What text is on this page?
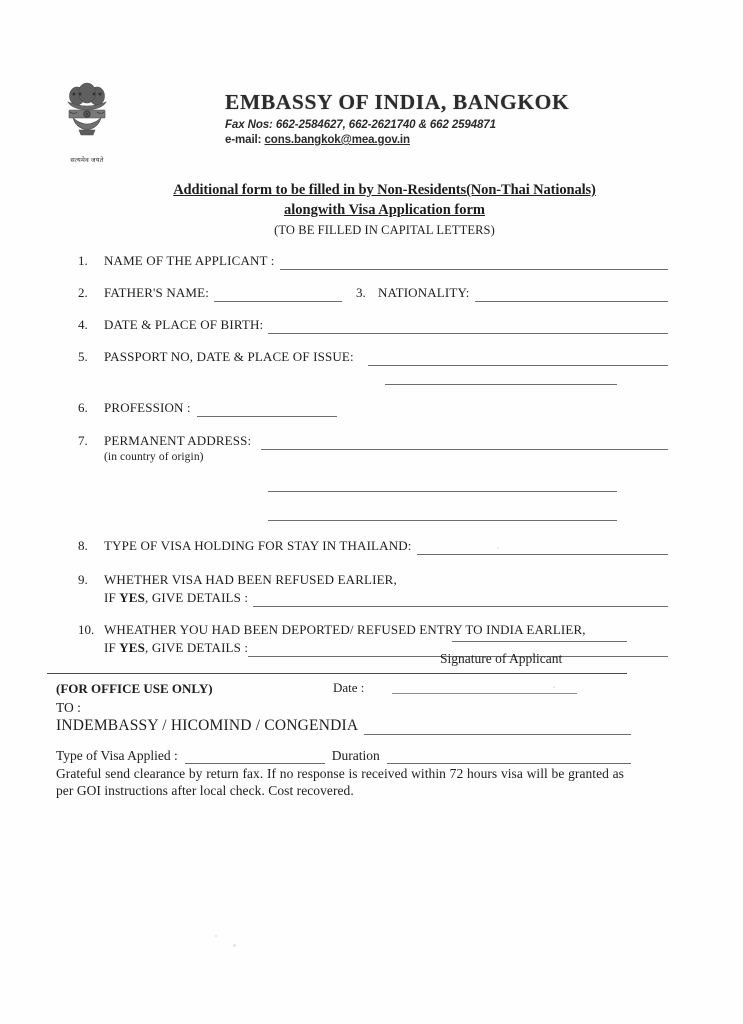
सत्यमेव जयते
EMBASSY OF INDIA, BANGKOK
Fax Nos: 662-2584627, 662-2621740 & 662 2594871
e-mail: cons.bangkok@mea.gov.in
Additional form to be filled in by Non-Residents(Non-Thai Nationals)
alongwith Visa Application form
(TO BE FILLED IN CAPITAL LETTERS)
1.	NAME OF THE APPLICANT :
2.	FATHER'S NAME:	3. NATIONALITY:
4.	DATE & PLACE OF BIRTH:
5.	PASSPORT NO, DATE & PLACE OF ISSUE:
6.	PROFESSION :
7.	PERMANENT ADDRESS:
(in country of origin)
8.	TYPE OF VISA HOLDING FOR STAY IN THAILAND:
9.	WHETHER VISA HAD BEEN REFUSED EARLIER,
IF YES, GIVE DETAILS :
10. WHEATHER YOU HAD BEEN DEPORTED/ REFUSED ENTRY TO INDIA EARLIER,
IF YES, GIVE DETAILS :
Signature of Applicant
(FOR OFFICE USE ONLY)	Date :
TO :
INDEMBASSY / HICOMIND / CONGENDIA
Type of Visa Applied :	Duration
Grateful send clearance by return fax. If no response is received within 72 hours visa will be granted as per GOI instructions after local check. Cost recovered.
